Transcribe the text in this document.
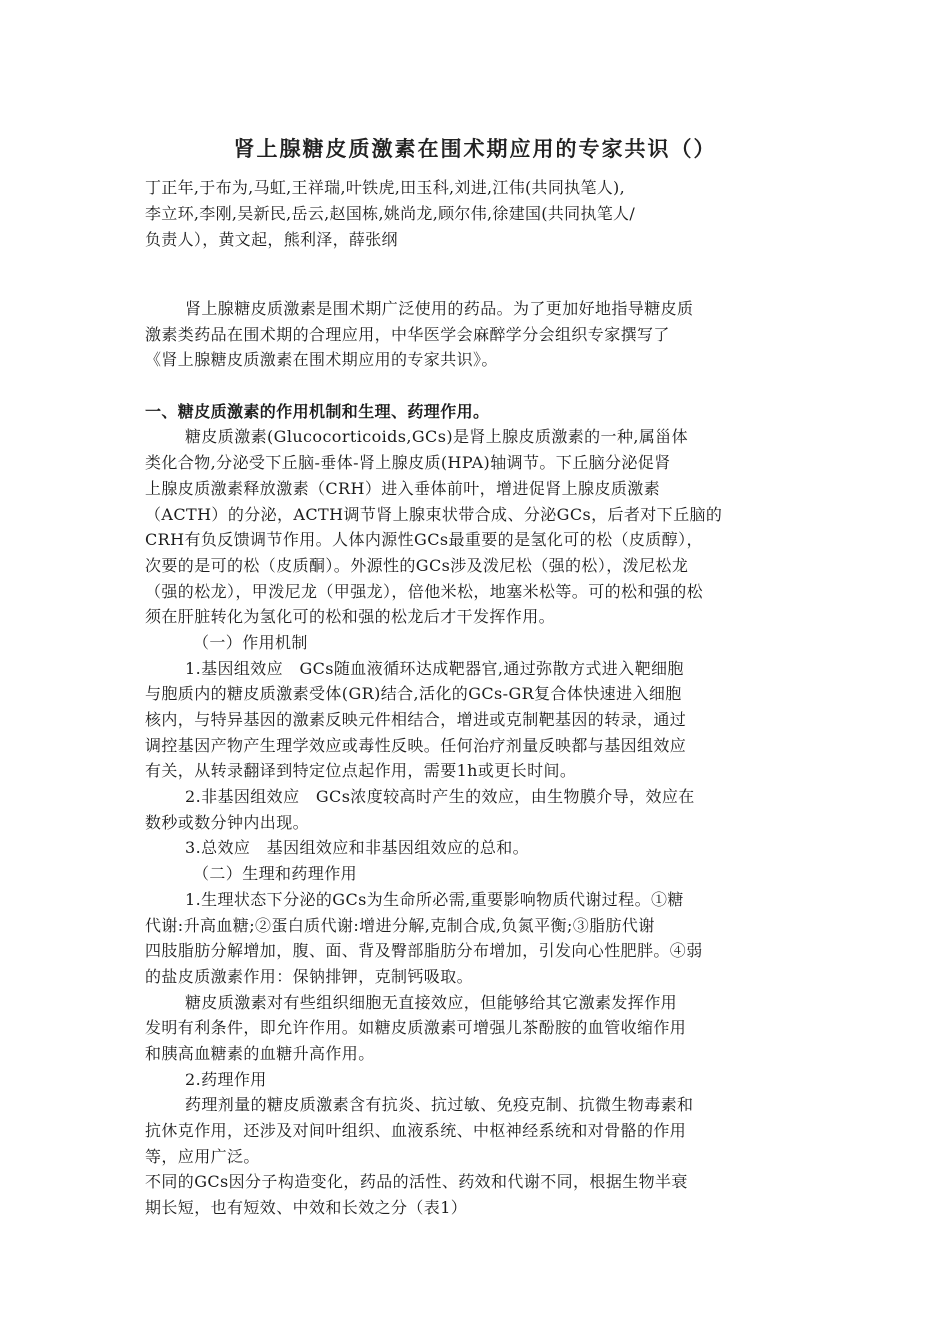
肾上腺糖皮质激素在围术期应用的专家共识（）
丁正年,于布为,马虹,王祥瑞,叶铁虎,田玉科,刘进,江伟(共同执笔人),
李立环,李刚,吴新民,岳云,赵国栋,姚尚龙,顾尔伟,徐建国(共同执笔人/
负责人），黄文起，熊利泽，薛张纲
肾上腺糖皮质激素是围术期广泛使用的药品。为了更加好地指导糖皮质
激素类药品在围术期的合理应用，中华医学会麻醉学分会组织专家撰写了
《肾上腺糖皮质激素在围术期应用的专家共识》。
一、糖皮质激素的作用机制和生理、药理作用。
糖皮质激素(Glucocorticoids,GCs)是肾上腺皮质激素的一种,属甾体
类化合物,分泌受下丘脑-垂体-肾上腺皮质(HPA)轴调节。下丘脑分泌促肾
上腺皮质激素释放激素（CRH）进入垂体前叶，增进促肾上腺皮质激素
（ACTH）的分泌，ACTH调节肾上腺束状带合成、分泌GCs，后者对下丘脑的
CRH有负反馈调节作用。人体内源性GCs最重要的是氢化可的松（皮质醇），
次要的是可的松（皮质酮）。外源性的GCs涉及泼尼松（强的松），泼尼松龙
（强的松龙），甲泼尼龙（甲强龙），倍他米松，地塞米松等。可的松和强的松
须在肝脏转化为氢化可的松和强的松龙后才干发挥作用。
（一）作用机制
1.基因组效应　GCs随血液循环达成靶器官,通过弥散方式进入靶细胞
与胞质内的糖皮质激素受体(GR)结合,活化的GCs-GR复合体快速进入细胞
核内，与特异基因的激素反映元件相结合，增进或克制靶基因的转录，通过
调控基因产物产生理学效应或毒性反映。任何治疗剂量反映都与基因组效应
有关，从转录翻译到特定位点起作用，需要1h或更长时间。
2.非基因组效应　GCs浓度较高时产生的效应，由生物膜介导，效应在
数秒或数分钟内出现。
3.总效应　基因组效应和非基因组效应的总和。
（二）生理和药理作用
1.生理状态下分泌的GCs为生命所必需,重要影响物质代谢过程。①糖
代谢:升高血糖;②蛋白质代谢:增进分解,克制合成,负氮平衡;③脂肪代谢
四肢脂肪分解增加，腹、面、背及臀部脂肪分布增加，引发向心性肥胖。④弱
的盐皮质激素作用：保钠排钾，克制钙吸取。
糖皮质激素对有些组织细胞无直接效应，但能够给其它激素发挥作用
发明有利条件，即允许作用。如糖皮质激素可增强儿茶酚胺的血管收缩作用
和胰高血糖素的血糖升高作用。
2.药理作用
药理剂量的糖皮质激素含有抗炎、抗过敏、免疫克制、抗微生物毒素和
抗休克作用，还涉及对间叶组织、血液系统、中枢神经系统和对骨骼的作用
等，应用广泛。
不同的GCs因分子构造变化，药品的活性、药效和代谢不同，根据生物半衰
期长短，也有短效、中效和长效之分（表1）
